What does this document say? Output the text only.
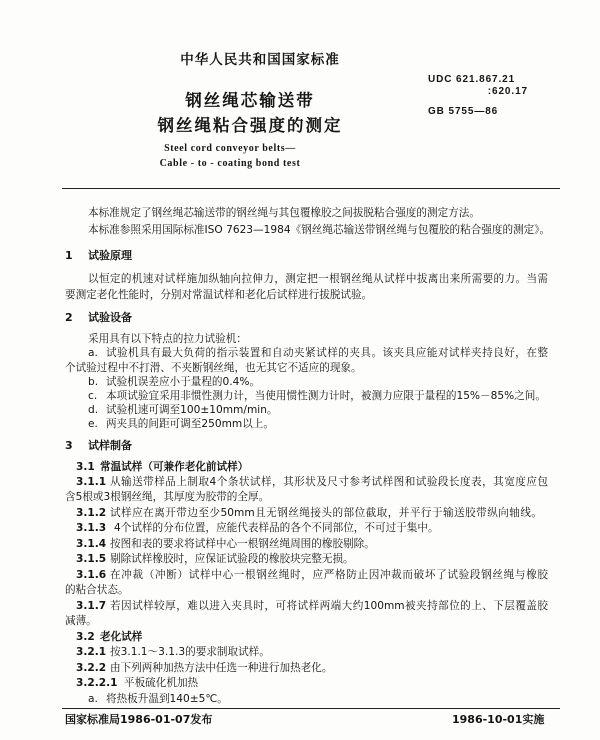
中华人民共和国国家标准
UDC 621.867.21
:620.17
GB 5755—86
钢丝绳芯输送带
钢丝绳粘合强度的测定
Steel cord conveyor belts—
Cable - to - coating bond test
本标准规定了钢丝绳芯输送带的钢丝绳与其包覆橡胶之间拔脱粘合强度的测定方法。
本标准参照采用国际标准ISO 7623—1984《钢丝绳芯输送带钢丝绳与包覆胶的粘合强度的测定》。
1 试验原理
以恒定的机速对试样施加纵轴向拉伸力，测定把一根钢丝绳从试样中拔离出来所需要的力。当需
要测定老化性能时，分别对常温试样和老化后试样进行拔脱试验。
2 试验设备
采用具有以下特点的拉力试验机：
a. 试验机具有最大负荷的指示装置和自动夹紧试样的夹具。该夹具应能对试样夹持良好，在整
个试验过程中不打滑、不夹断钢丝绳，也无其它不适应的现象。
b. 试验机误差应小于量程的0.4%。
c. 本项试验宜采用非惯性测力计，当使用惯性测力计时，被测力应限于量程的15%－85%之间。
d. 试验机速可调至100±10mm/min。
e. 两夹具的间距可调至250mm以上。
3 试样制备
3.1 常温试样（可兼作老化前试样）
3.1.1 从输送带样品上制取4个条状试样，其形状及尺寸参考试样图和试验段长度表，其宽度应包
含5根或3根钢丝绳，其厚度为胶带的全厚。
3.1.2 试样应在离开带边至少50mm且无钢丝绳接头的部位截取，并平行于输送胶带纵向轴线。
3.1.3 4个试样的分布位置，应能代表样品的各个不同部位，不可过于集中。
3.1.4 按图和表的要求将试样中心一根钢丝绳周围的橡胶剔除。
3.1.5 剔除试样橡胶时，应保证试验段的橡胶块完整无损。
3.1.6 在冲裁（冲断）试样中心一根钢丝绳时，应严格防止因冲裁而破坏了试验段钢丝绳与橡胶
的粘合状态。
3.1.7 若因试样较厚，难以进入夹具时，可将试样两端大约100mm被夹持部位的上、下层覆盖胶
减薄。
3.2 老化试样
3.2.1 按3.1.1～3.1.3的要求制取试样。
3.2.2 由下列两种加热方法中任选一种进行加热老化。
3.2.2.1 平板硫化机加热
a. 将热板升温到140±5℃。
国家标准局1986-01-07发布	1986-10-01实施
